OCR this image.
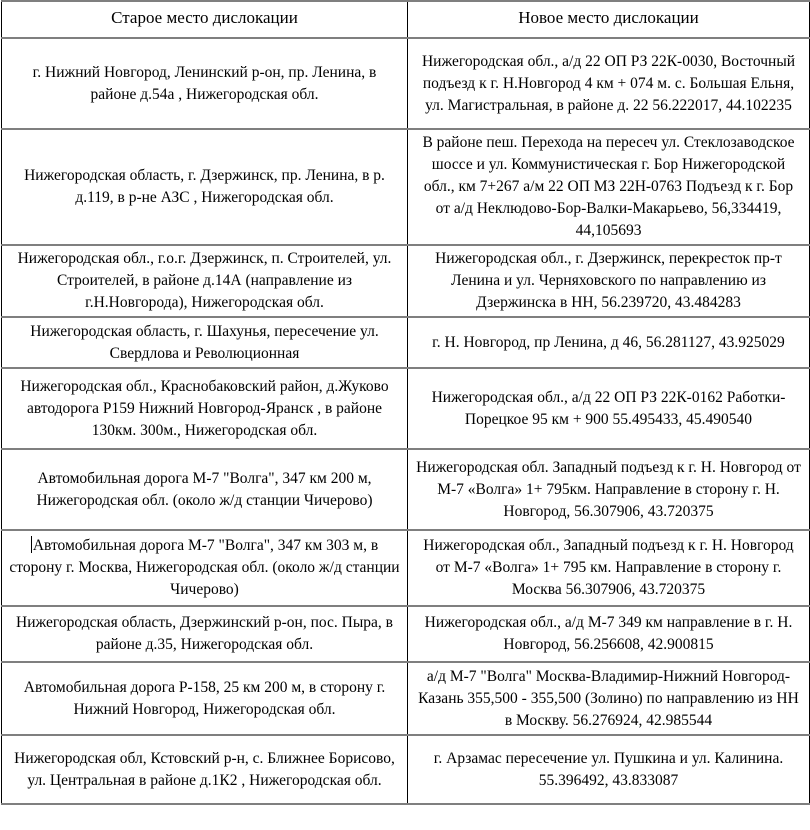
Старое место дислокации	Новое место дислокации
г. Нижний Новгород, Ленинский р-он, пр. Ленина, в районе д.54а , Нижегородская обл.	Нижегородская обл., а/д 22 ОП РЗ 22К-0030, Восточный подъезд к г. Н.Новгород 4 км + 074 м. с. Большая Ельня, ул. Магистральная, в районе д. 22 56.222017, 44.102235
Нижегородская область, г. Дзержинск, пр. Ленина, в р. д.119, в р-не АЗС , Нижегородская обл.	В районе пеш. Перехода на пересеч ул. Стеклозаводское шоссе и ул. Коммунистическая г. Бор Нижегородской обл., км 7+267 а/м 22 ОП МЗ 22Н-0763 Подъезд к г. Бор от а/д Неклюдово-Бор-Валки-Макарьево, 56,334419, 44,105693
Нижегородская обл., г.о.г. Дзержинск, п. Строителей, ул. Строителей, в районе д.14А (направление из г.Н.Новгорода), Нижегородская обл.	Нижегородская обл., г. Дзержинск, перекресток пр-т Ленина и ул. Черняховского по направлению из Дзержинска в НН, 56.239720, 43.484283
Нижегородская область, г. Шахунья, пересечение ул. Свердлова и Революционная	г. Н. Новгород, пр Ленина, д 46, 56.281127, 43.925029
Нижегородская обл., Краснобаковский район, д.Жуково автодорога Р159 Нижний Новгород-Яранск , в районе 130км. 300м., Нижегородская обл.	Нижегородская обл., а/д 22 ОП РЗ 22К-0162 Работки-Порецкое 95 км + 900 55.495433, 45.490540
Автомобильная дорога М-7 "Волга", 347 км 200 м, Нижегородская обл. (около ж/д станции Чичерово)	Нижегородская обл. Западный подъезд к г. Н. Новгород от М-7 «Волга» 1+ 795км. Направление в сторону г. Н. Новгород, 56.307906, 43.720375
Автомобильная дорога М-7 "Волга", 347 км 303 м, в сторону г. Москва, Нижегородская обл. (около ж/д станции Чичерово)	Нижегородская обл., Западный подъезд к г. Н. Новгород от М-7 «Волга» 1+ 795 км. Направление в сторону г. Москва 56.307906, 43.720375
Нижегородская область, Дзержинский р-он, пос. Пыра, в районе д.35, Нижегородская обл.	Нижегородская обл., а/д М-7 349 км направление в г. Н. Новгород, 56.256608, 42.900815
Автомобильная дорога Р-158, 25 км 200 м, в сторону г. Нижний Новгород, Нижегородская обл.	а/д М-7 "Волга" Москва-Владимир-Нижний Новгород-Казань 355,500 - 355,500 (Золино) по направлению из НН в Москву. 56.276924, 42.985544
Нижегородская обл, Кстовский р-н, с. Ближнее Борисово, ул. Центральная в районе д.1К2 , Нижегородская обл.	г. Арзамас пересечение ул. Пушкина и ул. Калинина. 55.396492, 43.833087
